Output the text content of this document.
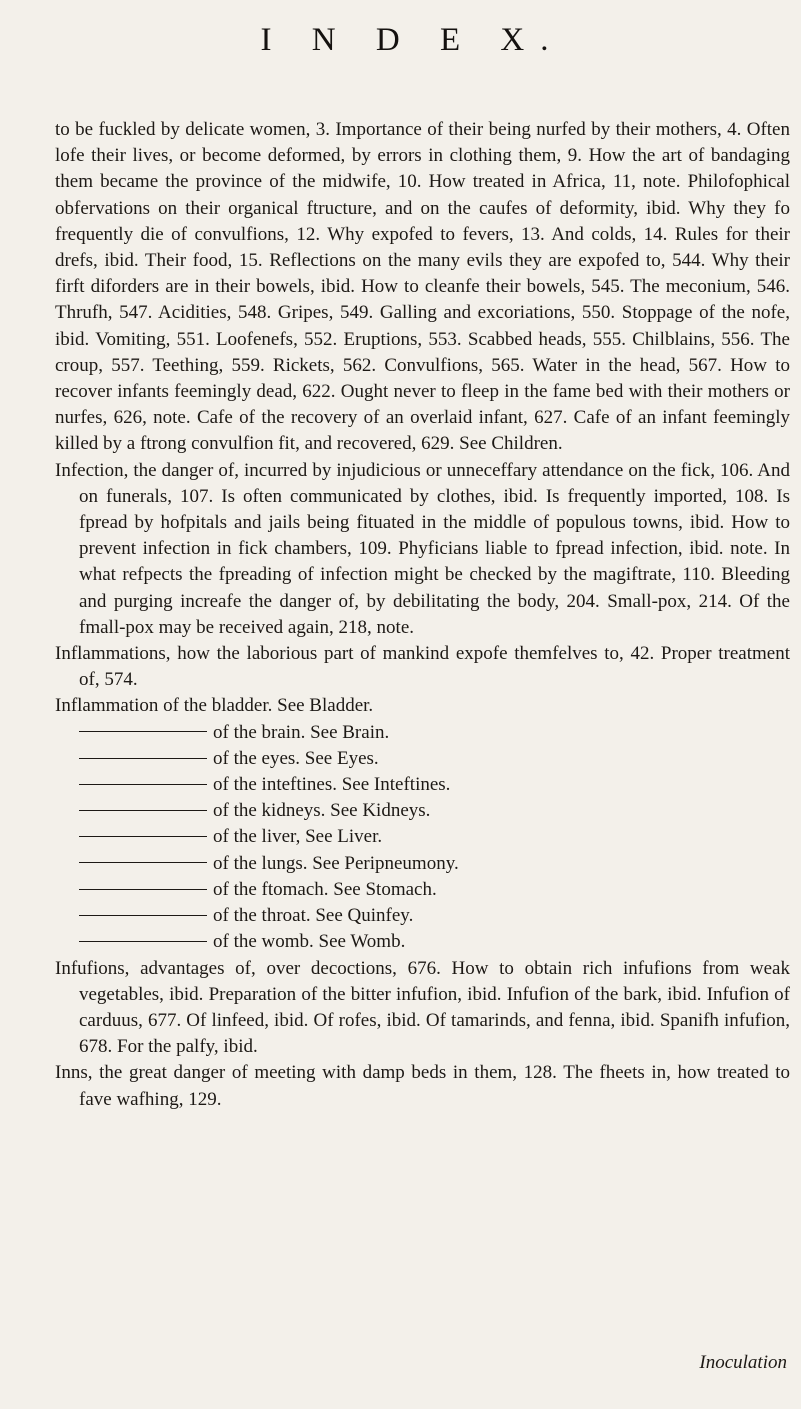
I N D E X.

to be fuckled by delicate women, 3. Importance of their being nurfed by their mothers, 4. Often lofe their lives, or become deformed, by errors in clothing them, 9. How the art of bandaging them became the province of the midwife, 10. How treated in Africa, 11, note. Philofophical obfervations on their organical ftructure, and on the caufes of deformity, ibid. Why they fo frequently die of convulfions, 12. Why expofed to fevers, 13. And colds, 14. Rules for their drefs, ibid. Their food, 15. Reflections on the many evils they are expofed to, 544. Why their firft diforders are in their bowels, ibid. How to cleanfe their bowels, 545. The meconium, 546. Thrufh, 547. Acidities, 548. Gripes, 549. Galling and excoriations, 550. Stoppage of the nofe, ibid. Vomiting, 551. Loofenefs, 552. Eruptions, 553. Scabbed heads, 555. Chilblains, 556. The croup, 557. Teething, 559. Rickets, 562. Convulfions, 565. Water in the head, 567. How to recover infants feemingly dead, 622. Ought never to fleep in the fame bed with their mothers or nurfes, 626, note. Cafe of the recovery of an overlaid infant, 627. Cafe of an infant feemingly killed by a ftrong convulfion fit, and recovered, 629. See Children.

Infection, the danger of, incurred by injudicious or unneceffary attendance on the fick, 106. And on funerals, 107. Is often communicated by clothes, ibid. Is frequently imported, 108. Is fpread by hofpitals and jails being fituated in the middle of populous towns, ibid. How to prevent infection in fick chambers, 109. Phyficians liable to fpread infection, ibid. note. In what refpects the fpreading of infection might be checked by the magiftrate, 110. Bleeding and purging increafe the danger of, by debilitating the body, 204. Small-pox, 214. Of the fmall-pox may be received again, 218, note.

Inflammations, how the laborious part of mankind expofe themfelves to, 42. Proper treatment of, 574.

Inflammation of the bladder. See Bladder.

of the brain. See Brain.

of the eyes. See Eyes.

of the inteftines. See Inteftines.

of the kidneys. See Kidneys.

of the liver, See Liver.

of the lungs. See Peripneumony.

of the ftomach. See Stomach.

of the throat. See Quinfey.

of the womb. See Womb.

Infufions, advantages of, over decoctions, 676. How to obtain rich infufions from weak vegetables, ibid. Preparation of the bitter infufion, ibid. Infufion of the bark, ibid. Infufion of carduus, 677. Of linfeed, ibid. Of rofes, ibid. Of tamarinds, and fenna, ibid. Spanifh infufion, 678. For the palfy, ibid.

Inns, the great danger of meeting with damp beds in them, 128. The fheets in, how treated to fave wafhing, 129.

Inoculation
